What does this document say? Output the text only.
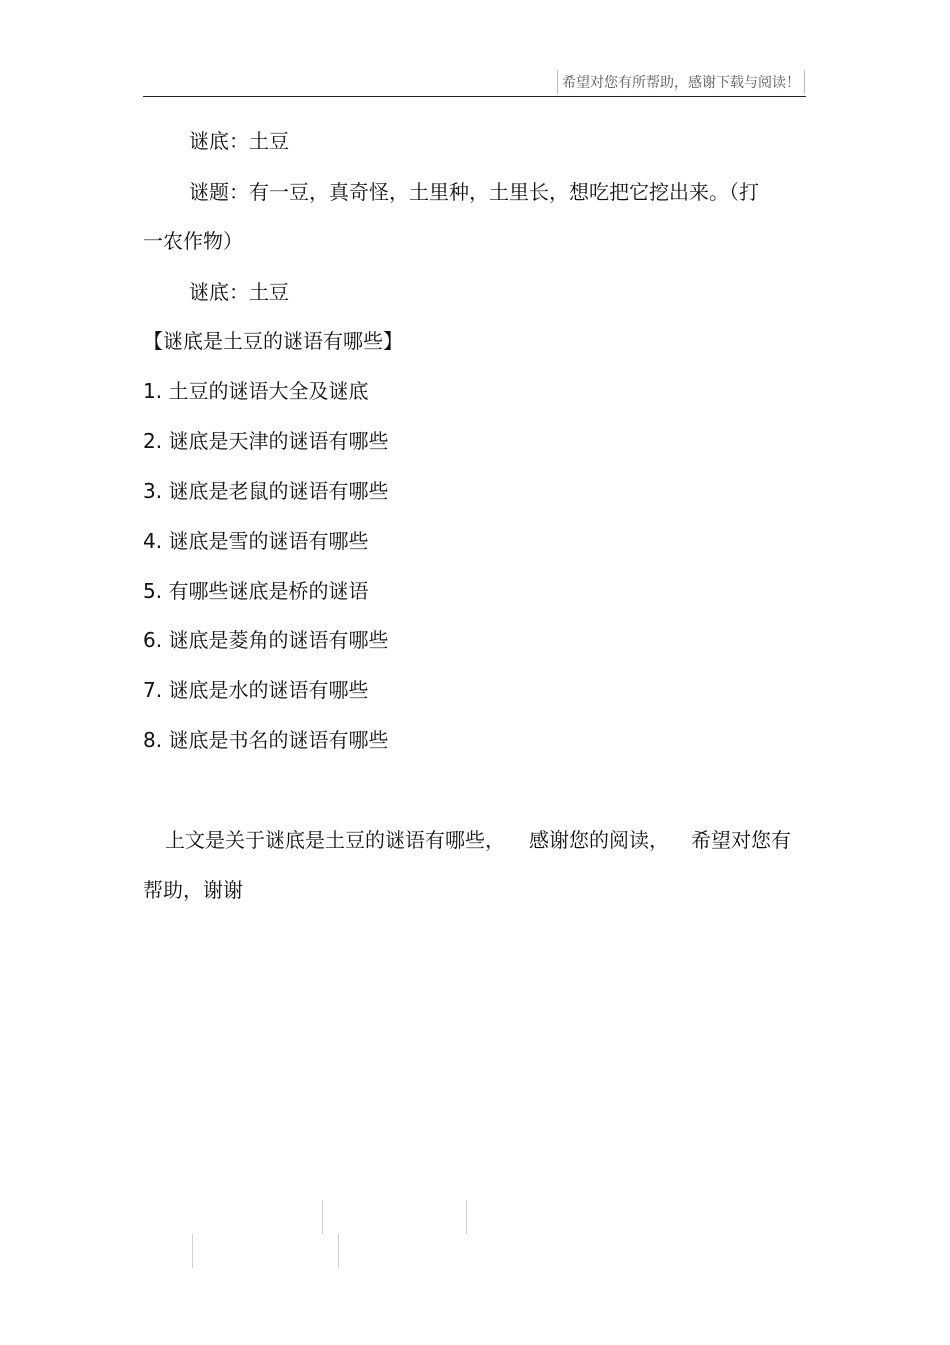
希望对您有所帮助，感谢下载与阅读！
谜底：土豆
谜题：有一豆，真奇怪，土里种，土里长，想吃把它挖出来。（打
一农作物）
谜底：土豆
【谜底是土豆的谜语有哪些】
1. 土豆的谜语大全及谜底
2. 谜底是天津的谜语有哪些
3. 谜底是老鼠的谜语有哪些
4. 谜底是雪的谜语有哪些
5. 有哪些谜底是桥的谜语
6. 谜底是菱角的谜语有哪些
7. 谜底是水的谜语有哪些
8. 谜底是书名的谜语有哪些
上文是关于谜底是土豆的谜语有哪些， 感谢您的阅读， 希望对您有
帮助，谢谢
